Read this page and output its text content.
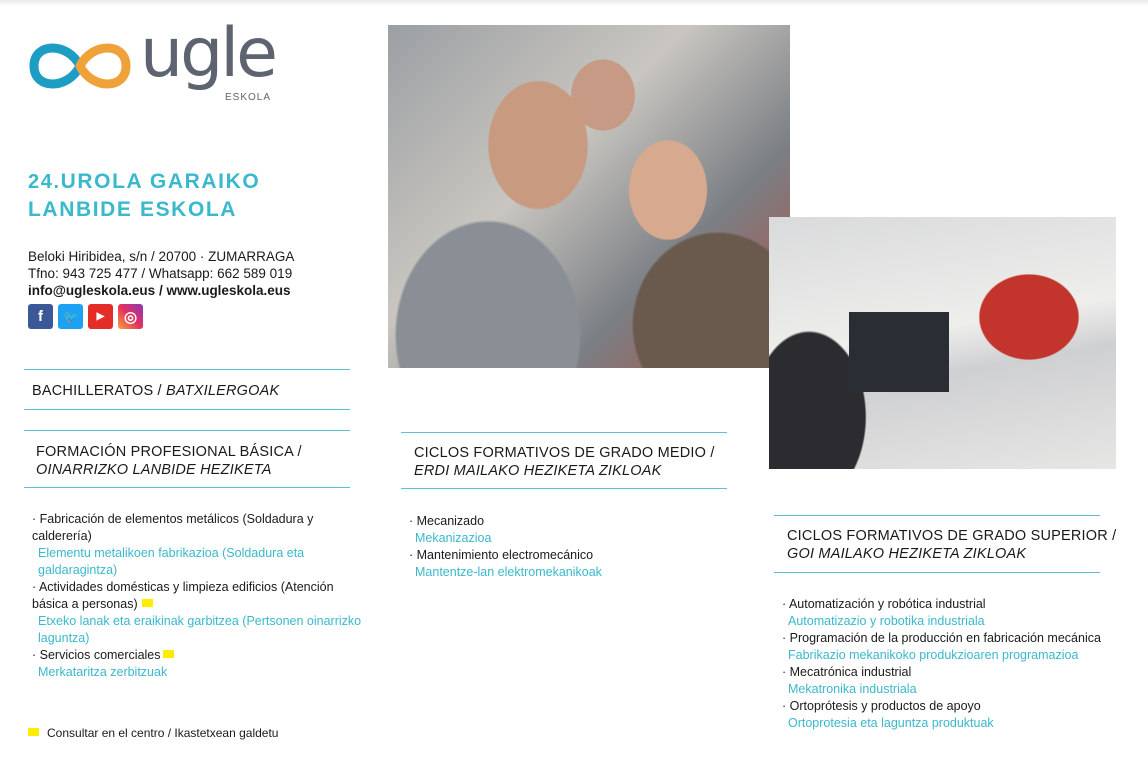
ugle
ESKOLA
24.UROLA GARAIKO
LANBIDE ESKOLA
Beloki Hiribidea, s/n / 20700 · ZUMARRAGA
Tfno: 943 725 477 / Whatsapp: 662 589 019
info@ugleskola.eus / www.ugleskola.eus
f	🐦	▶	◎
BACHILLERATOS / BATXILERGOAK
FORMACIÓN PROFESIONAL BÁSICA /
OINARRIZKO LANBIDE HEZIKETA
· Fabricación de elementos metálicos (Soldadura y calderería)
Elementu metalikoen fabrikazioa (Soldadura eta galdaragintza)
· Actividades domésticas y limpieza edificios (Atención básica a personas)
Etxeko lanak eta eraikinak garbitzea (Pertsonen oinarrizko laguntza)
· Servicios comerciales
Merkataritza zerbitzuak
CICLOS FORMATIVOS DE GRADO MEDIO /
ERDI MAILAKO HEZIKETA ZIKLOAK
· Mecanizado
Mekanizazioa
· Mantenimiento electromecánico
Mantentze-lan elektromekanikoak
CICLOS FORMATIVOS DE GRADO SUPERIOR /
GOI MAILAKO HEZIKETA ZIKLOAK
· Automatización y robótica industrial
Automatizazio y robotika industriala
· Programación de la producción en fabricación mecánica
Fabrikazio mekanikoko produkzioaren programazioa
· Mecatrónica industrial
Mekatronika industriala
· Ortoprótesis y productos de apoyo
Ortoprotesia eta laguntza produktuak
Consultar en el centro / Ikastetxean galdetu
